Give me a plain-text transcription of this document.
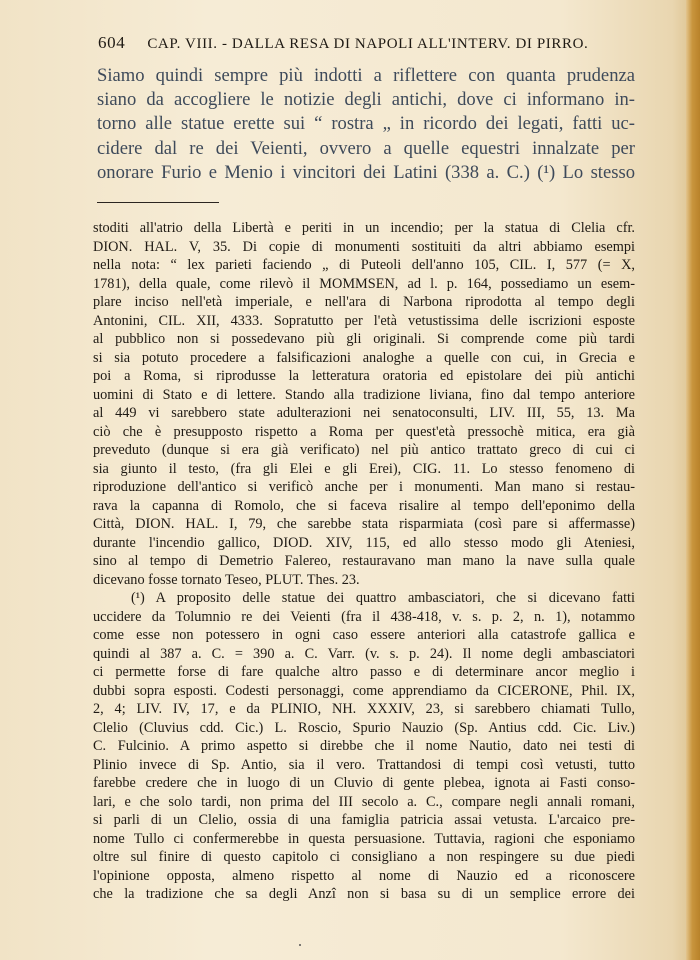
604 CAP. VIII. - DALLA RESA DI NAPOLI ALL'INTERV. DI PIRRO.
Siamo quindi sempre più indotti a riflettere con quanta prudenza
siano da accogliere le notizie degli antichi, dove ci informano in-
torno alle statue erette sui “ rostra „ in ricordo dei legati, fatti uc-
cidere dal re dei Veienti, ovvero a quelle equestri innalzate per
onorare Furio e Menio i vincitori dei Latini (338 a. C.) (¹) Lo stesso
stoditi all'atrio della Libertà e periti in un incendio; per la statua di Clelia cfr.
DION. HAL. V, 35. Di copie di monumenti sostituiti da altri abbiamo esempi
nella nota: “ lex parieti faciendo „ di Puteoli dell'anno 105, CIL. I, 577 (= X,
1781), della quale, come rilevò il MOMMSEN, ad l. p. 164, possediamo un esem-
plare inciso nell'età imperiale, e nell'ara di Narbona riprodotta al tempo degli
Antonini, CIL. XII, 4333. Sopratutto per l'età vetustissima delle iscrizioni esposte
al pubblico non si possedevano più gli originali. Si comprende come più tardi
si sia potuto procedere a falsificazioni analoghe a quelle con cui, in Grecia e
poi a Roma, si riprodusse la letteratura oratoria ed epistolare dei più antichi
uomini di Stato e di lettere. Stando alla tradizione liviana, fino dal tempo anteriore
al 449 vi sarebbero state adulterazioni nei senatoconsulti, LIV. III, 55, 13. Ma
ciò che è presupposto rispetto a Roma per quest'età pressochè mitica, era già
preveduto (dunque si era già verificato) nel più antico trattato greco di cui ci
sia giunto il testo, (fra gli Elei e gli Erei), CIG. 11. Lo stesso fenomeno di
riproduzione dell'antico si verificò anche per i monumenti. Man mano si restau-
rava la capanna di Romolo, che si faceva risalire al tempo dell'eponimo della
Città, DION. HAL. I, 79, che sarebbe stata risparmiata (così pare si affermasse)
durante l'incendio gallico, DIOD. XIV, 115, ed allo stesso modo gli Ateniesi,
sino al tempo di Demetrio Falereo, restauravano man mano la nave sulla quale
dicevano fosse tornato Teseo, PLUT. Thes. 23.
(¹) A proposito delle statue dei quattro ambasciatori, che si dicevano fatti
uccidere da Tolumnio re dei Veienti (fra il 438-418, v. s. p. 2, n. 1), notammo
come esse non potessero in ogni caso essere anteriori alla catastrofe gallica e
quindi al 387 a. C. = 390 a. C. Varr. (v. s. p. 24). Il nome degli ambasciatori
ci permette forse di fare qualche altro passo e di determinare ancor meglio i
dubbi sopra esposti. Codesti personaggi, come apprendiamo da CICERONE, Phil. IX,
2, 4; LIV. IV, 17, e da PLINIO, NH. XXXIV, 23, si sarebbero chiamati Tullo,
Clelio (Cluvius cdd. Cic.) L. Roscio, Spurio Nauzio (Sp. Antius cdd. Cic. Liv.)
C. Fulcinio. A primo aspetto si direbbe che il nome Nautio, dato nei testi di
Plinio invece di Sp. Antio, sia il vero. Trattandosi di tempi così vetusti, tutto
farebbe credere che in luogo di un Cluvio di gente plebea, ignota ai Fasti conso-
lari, e che solo tardi, non prima del III secolo a. C., compare negli annali romani,
si parli di un Clelio, ossia di una famiglia patricia assai vetusta. L'arcaico pre-
nome Tullo ci confermerebbe in questa persuasione. Tuttavia, ragioni che esponiamo
oltre sul finire di questo capitolo ci consigliano a non respingere su due piedi
l'opinione opposta, almeno rispetto al nome di Nauzio ed a riconoscere
che la tradizione che sa degli Anzî non si basa su di un semplice errore dei
